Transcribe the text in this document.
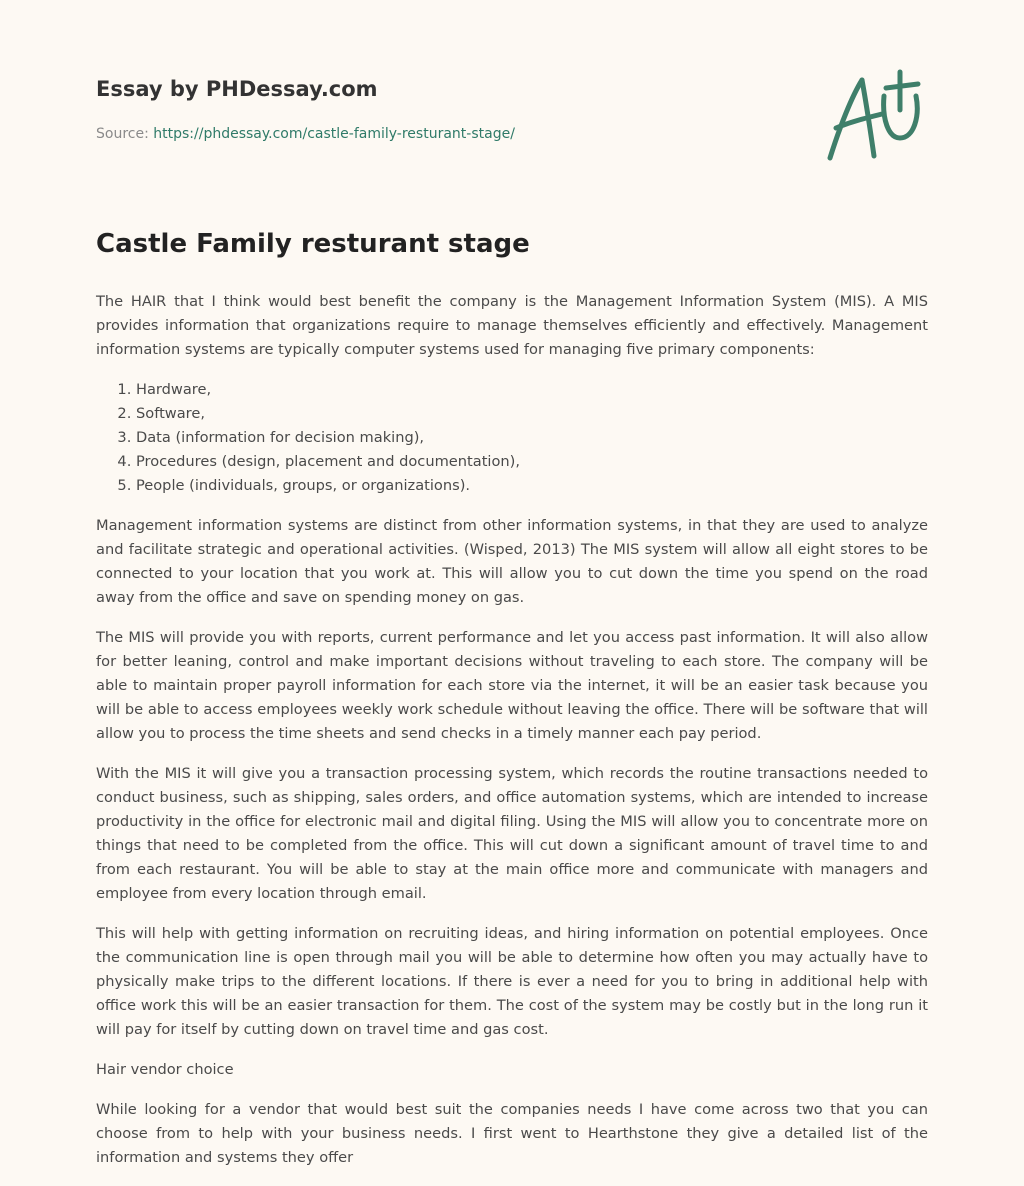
Essay by PHDessay.com
Source: https://phdessay.com/castle-family-resturant-stage/
Castle Family resturant stage

The HAIR that I think would best benefit the company is the Management Information System (MIS). A MIS provides information that organizations require to manage themselves efficiently and effectively. Management information systems are typically computer systems used for managing five primary components:

1. Hardware,
2. Software,
3. Data (information for decision making),
4. Procedures (design, placement and documentation),
5. People (individuals, groups, or organizations).

Management information systems are distinct from other information systems, in that they are used to analyze and facilitate strategic and operational activities. (Wisped, 2013) The MIS system will allow all eight stores to be connected to your location that you work at. This will allow you to cut down the time you spend on the road away from the office and save on spending money on gas.

The MIS will provide you with reports, current performance and let you access past information. It will also allow for better leaning, control and make important decisions without traveling to each store. The company will be able to maintain proper payroll information for each store via the internet, it will be an easier task because you will be able to access employees weekly work schedule without leaving the office. There will be software that will allow you to process the time sheets and send checks in a timely manner each pay period.

With the MIS it will give you a transaction processing system, which records the routine transactions needed to conduct business, such as shipping, sales orders, and office automation systems, which are intended to increase productivity in the office for electronic mail and digital filing. Using the MIS will allow you to concentrate more on things that need to be completed from the office. This will cut down a significant amount of travel time to and from each restaurant. You will be able to stay at the main office more and communicate with managers and employee from every location through email.

This will help with getting information on recruiting ideas, and hiring information on potential employees. Once the communication line is open through mail you will be able to determine how often you may actually have to physically make trips to the different locations. If there is ever a need for you to bring in additional help with office work this will be an easier transaction for them. The cost of the system may be costly but in the long run it will pay for itself by cutting down on travel time and gas cost.

Hair vendor choice

While looking for a vendor that would best suit the companies needs I have come across two that you can choose from to help with your business needs. I first went to Hearthstone they give a detailed list of the information and systems they offer
